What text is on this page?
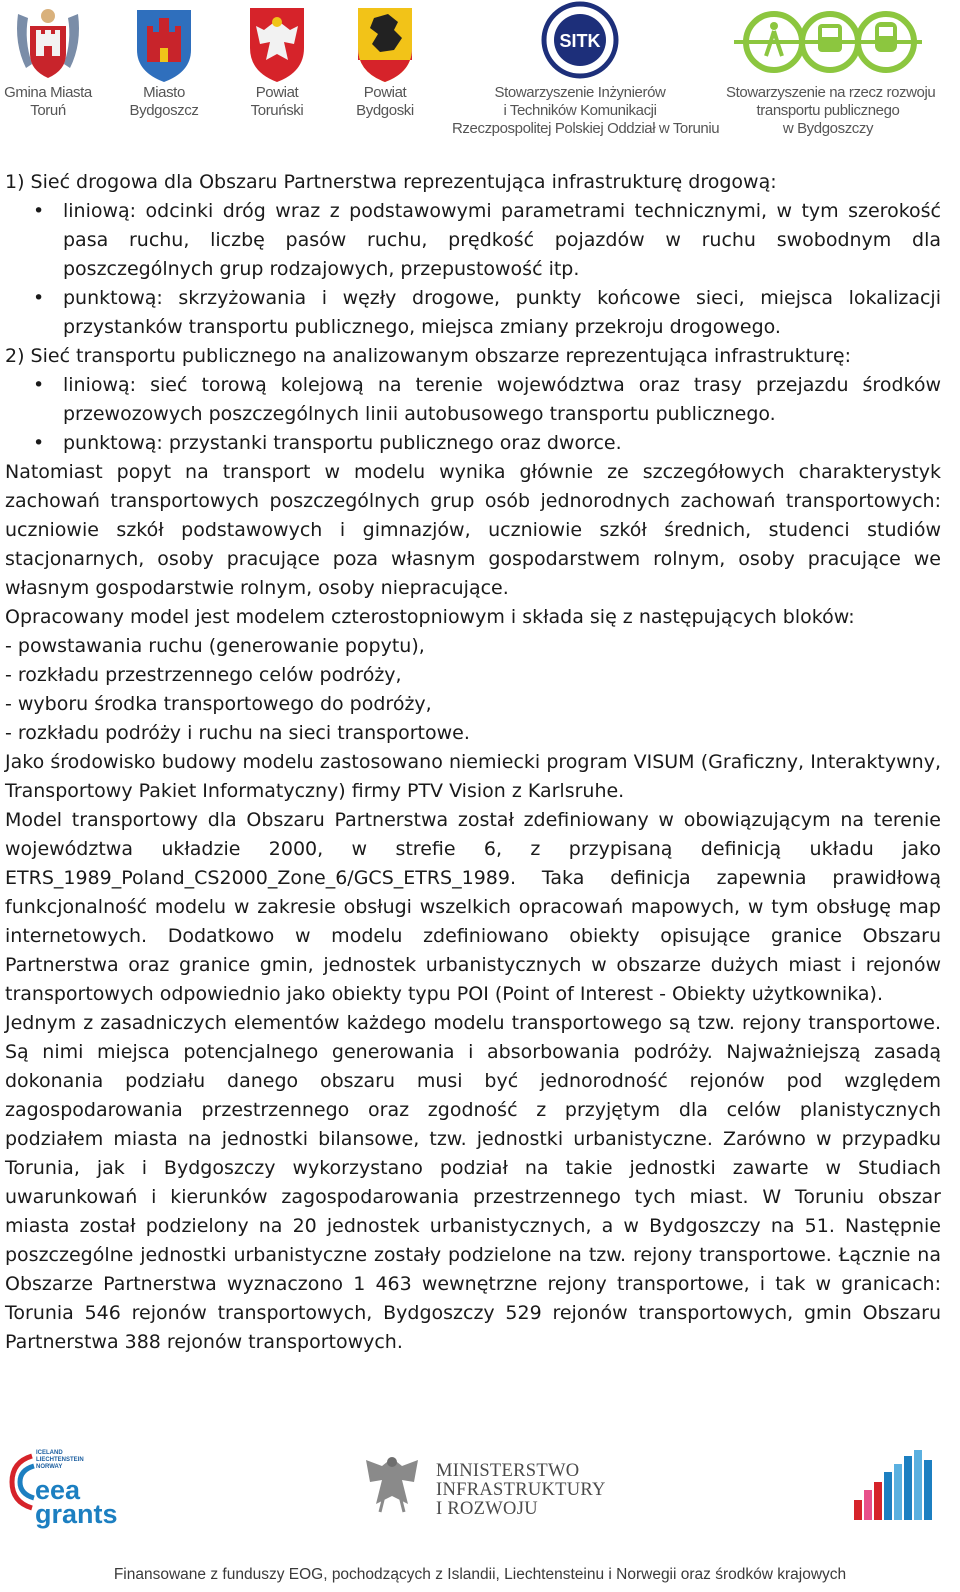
Gmina Miasta
Toruń
Miasto
Bydgoszcz
Powiat
Toruński
Powiat
Bydgoski
SITK
Stowarzyszenie Inżynierów
i Techników Komunikacji
Rzeczpospolitej Polskiej Oddział w Toruniu
Stowarzyszenie na rzecz rozwoju
transportu publicznego
w Bydgoszczy

1) Sieć drogowa dla Obszaru Partnerstwa reprezentująca infrastrukturę drogową:

• liniową: odcinki dróg wraz z podstawowymi parametrami technicznymi, w tym szerokość pasa ruchu, liczbę pasów ruchu, prędkość pojazdów w ruchu swobodnym dla poszczególnych grup rodzajowych, przepustowość itp.
• punktową: skrzyżowania i węzły drogowe, punkty końcowe sieci, miejsca lokalizacji przystanków transportu publicznego, miejsca zmiany przekroju drogowego.

2) Sieć transportu publicznego na analizowanym obszarze reprezentująca infrastrukturę:

• liniową: sieć torową kolejową na terenie województwa oraz trasy przejazdu środków przewozowych poszczególnych linii autobusowego transportu publicznego.
• punktową: przystanki transportu publicznego oraz dworce.

Natomiast popyt na transport w modelu wynika głównie ze szczegółowych charakterystyk zachowań transportowych poszczególnych grup osób jednorodnych zachowań transportowych: uczniowie szkół podstawowych i gimnazjów, uczniowie szkół średnich, studenci studiów stacjonarnych, osoby pracujące poza własnym gospodarstwem rolnym, osoby pracujące we własnym gospodarstwie rolnym, osoby niepracujące.

Opracowany model jest modelem czterostopniowym i składa się z następujących bloków:

- powstawania ruchu (generowanie popytu),

- rozkładu przestrzennego celów podróży,

- wyboru środka transportowego do podróży,

- rozkładu podróży i ruchu na sieci transportowe.

Jako środowisko budowy modelu zastosowano niemiecki program VISUM (Graficzny, Interaktywny, Transportowy Pakiet Informatyczny) firmy PTV Vision z Karlsruhe.

Model transportowy dla Obszaru Partnerstwa został zdefiniowany w obowiązującym na terenie województwa układzie 2000, w strefie 6, z przypisaną definicją układu jako ETRS_1989_Poland_CS2000_Zone_6/GCS_ETRS_1989. Taka definicja zapewnia prawidłową funkcjonalność modelu w zakresie obsługi wszelkich opracowań mapowych, w tym obsługę map internetowych. Dodatkowo w modelu zdefiniowano obiekty opisujące granice Obszaru Partnerstwa oraz granice gmin, jednostek urbanistycznych w obszarze dużych miast i rejonów transportowych odpowiednio jako obiekty typu POI (Point of Interest - Obiekty użytkownika).

Jednym z zasadniczych elementów każdego modelu transportowego są tzw. rejony transportowe. Są nimi miejsca potencjalnego generowania i absorbowania podróży. Najważniejszą zasadą dokonania podziału danego obszaru musi być jednorodność rejonów pod względem zagospodarowania przestrzennego oraz zgodność z przyjętym dla celów planistycznych podziałem miasta na jednostki bilansowe, tzw. jednostki urbanistyczne. Zarówno w przypadku Torunia, jak i Bydgoszczy wykorzystano podział na takie jednostki zawarte w Studiach uwarunkowań i kierunków zagospodarowania przestrzennego tych miast. W Toruniu obszar miasta został podzielony na 20 jednostek urbanistycznych, a w Bydgoszczy na 51. Następnie poszczególne jednostki urbanistyczne zostały podzielone na tzw. rejony transportowe. Łącznie na Obszarze Partnerstwa wyznaczono 1 463 wewnętrzne rejony transportowe, i tak w granicach: Torunia 546 rejonów transportowych, Bydgoszczy 529 rejonów transportowych, gmin Obszaru Partnerstwa 388 rejonów transportowych.

ICELAND LIECHTENSTEIN NORWAY
eea
grants
MINISTERSTWO
INFRASTRUKTURY
I ROZWOJU
Finansowane z funduszy EOG, pochodzących z Islandii, Liechtensteinu i Norwegii oraz środków krajowych
